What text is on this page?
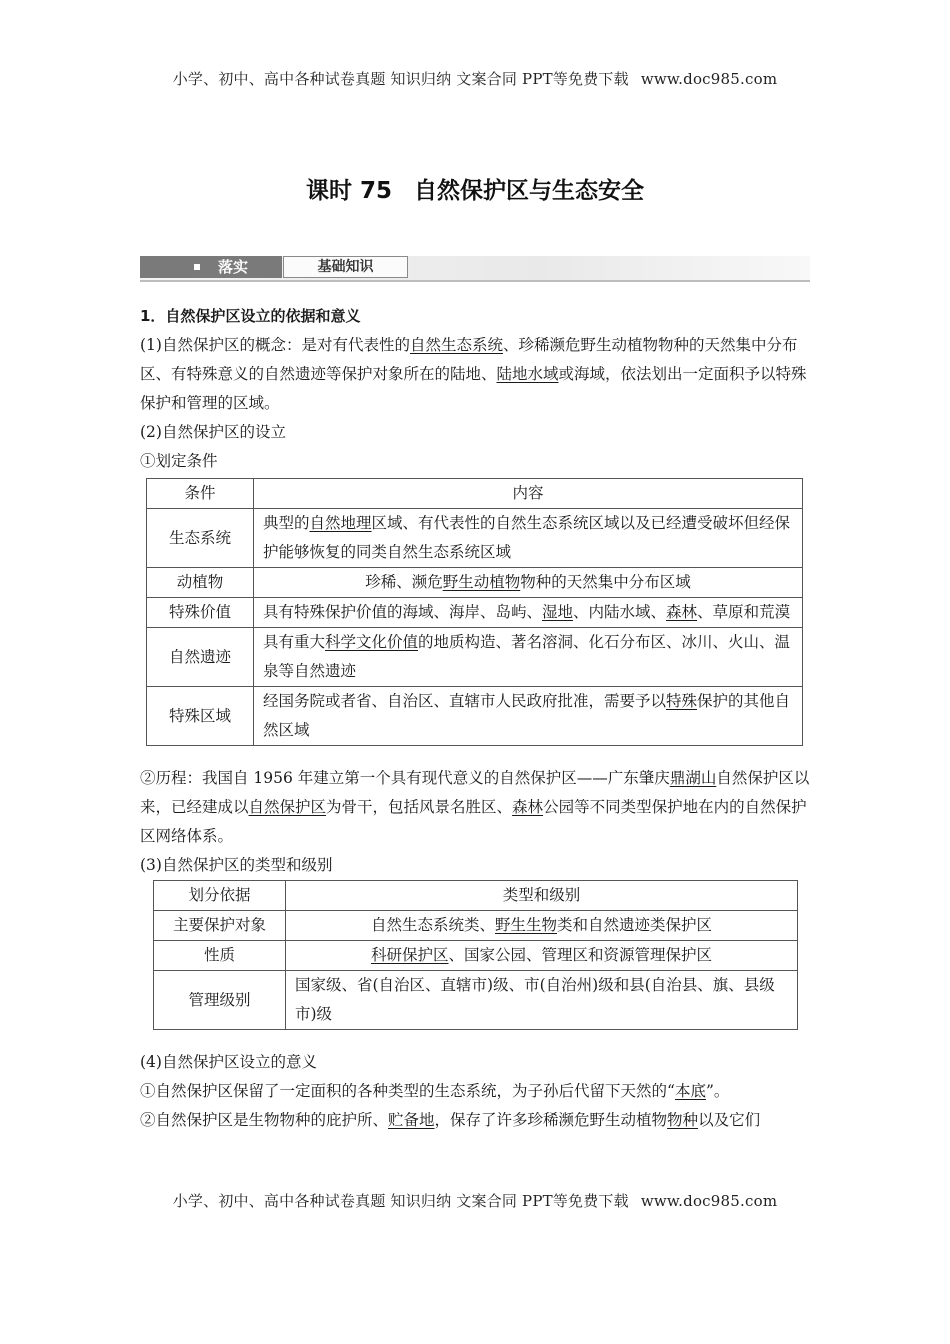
小学、初中、高中各种试卷真题 知识归纳 文案合同 PPT等免费下载 www.doc985.com
课时 75 自然保护区与生态安全
落实	基础知识

1．自然保护区设立的依据和意义

(1)自然保护区的概念：是对有代表性的自然生态系统、珍稀濒危野生动植物物种的天然集中分布区、有特殊意义的自然遗迹等保护对象所在的陆地、陆地水域或海域，依法划出一定面积予以特殊保护和管理的区域。

(2)自然保护区的设立

①划定条件

条件	内容
生态系统	典型的自然地理区域、有代表性的自然生态系统区域以及已经遭受破坏但经保护能够恢复的同类自然生态系统区域
动植物	珍稀、濒危野生动植物物种的天然集中分布区域
特殊价值	具有特殊保护价值的海域、海岸、岛屿、湿地、内陆水域、森林、草原和荒漠
自然遗迹	具有重大科学文化价值的地质构造、著名溶洞、化石分布区、冰川、火山、温泉等自然遗迹
特殊区域	经国务院或者省、自治区、直辖市人民政府批准，需要予以特殊保护的其他自然区域

②历程：我国自 1956 年建立第一个具有现代意义的自然保护区——广东肇庆鼎湖山自然保护区以来，已经建成以自然保护区为骨干，包括风景名胜区、森林公园等不同类型保护地在内的自然保护区网络体系。

(3)自然保护区的类型和级别

划分依据	类型和级别
主要保护对象	自然生态系统类、野生生物类和自然遗迹类保护区
性质	科研保护区、国家公园、管理区和资源管理保护区
管理级别	国家级、省(自治区、直辖市)级、市(自治州)级和县(自治县、旗、县级市)级

(4)自然保护区设立的意义

①自然保护区保留了一定面积的各种类型的生态系统，为子孙后代留下天然的“本底”。

②自然保护区是生物物种的庇护所、贮备地，保存了许多珍稀濒危野生动植物物种以及它们

小学、初中、高中各种试卷真题 知识归纳 文案合同 PPT等免费下载 www.doc985.com
